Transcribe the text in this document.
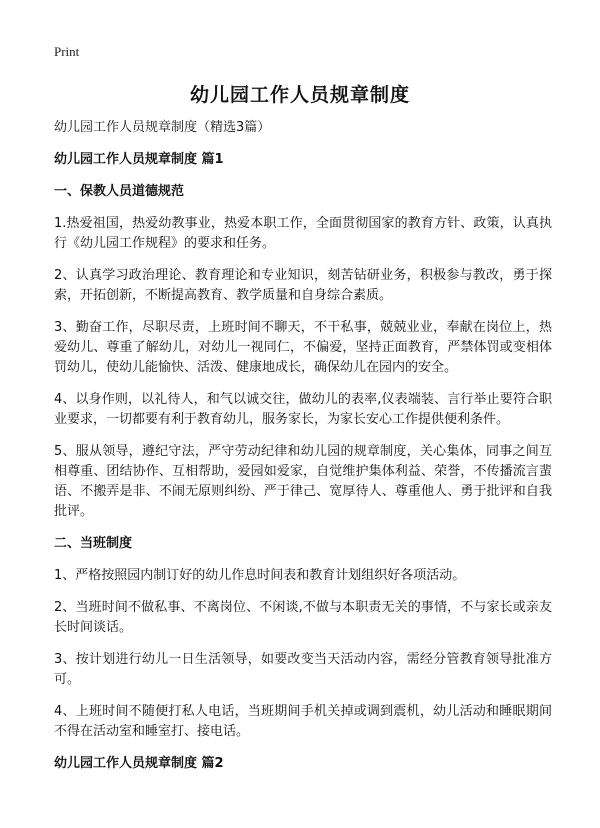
Print
幼儿园工作人员规章制度
幼儿园工作人员规章制度（精选3篇）
幼儿园工作人员规章制度 篇1
一、保教人员道德规范
1.热爱祖国，热爱幼教事业，热爱本职工作，全面贯彻国家的教育方针、政策，认真执行《幼儿园工作规程》的要求和任务。
2、认真学习政治理论、教育理论和专业知识，刻苦钻研业务，积极参与教改，勇于探索，开拓创新，不断提高教育、教学质量和自身综合素质。
3、勤奋工作，尽职尽责，上班时间不聊天，不干私事，兢兢业业，奉献在岗位上，热爱幼儿、尊重了解幼儿，对幼儿一视同仁，不偏爱，坚持正面教育，严禁体罚或变相体罚幼儿，使幼儿能愉快、活泼、健康地成长，确保幼儿在园内的安全。
4、以身作则，以礼待人，和气以诚交往，做幼儿的表率,仪表端装、言行举止要符合职业要求，一切都要有利于教育幼儿，服务家长，为家长安心工作提供便利条件。
5、服从领导，遵纪守法，严守劳动纪律和幼儿园的规章制度，关心集体，同事之间互相尊重、团结协作、互相帮助，爱园如爱家，自觉维护集体利益、荣誉，不传播流言蜚语、不搬弄是非、不闹无原则纠纷、严于律己、宽厚待人、尊重他人、勇于批评和自我批评。
二、当班制度
1、严格按照园内制订好的幼儿作息时间表和教育计划组织好各项活动。
2、当班时间不做私事、不离岗位、不闲谈,不做与本职责无关的事情，不与家长或亲友长时间谈话。
3、按计划进行幼儿一日生活领导，如要改变当天活动内容，需经分管教育领导批准方可。
4、上班时间不随便打私人电话，当班期间手机关掉或调到震机，幼儿活动和睡眠期间不得在活动室和睡室打、接电话。
幼儿园工作人员规章制度 篇2
